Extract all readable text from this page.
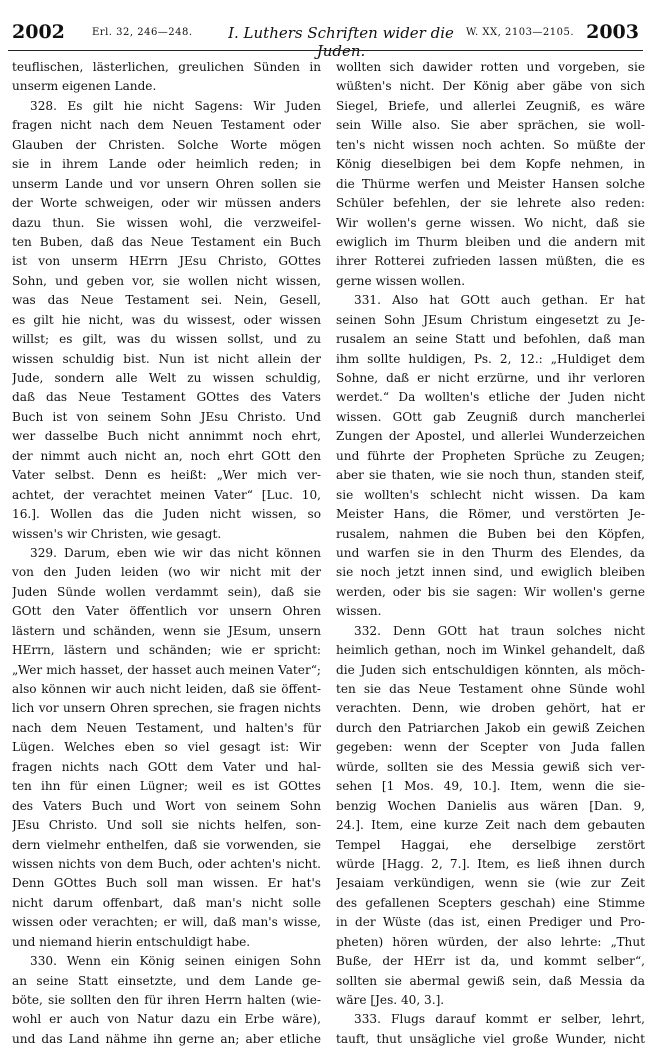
2002	Erl. 32, 246—248. I. Luthers Schriften wider die Juden.
W. XX, 2103—2105. 2003
teuflischen, lästerlichen, greulichen Sünden in
unserm eigenen Lande.
328. Es gilt hie nicht Sagens: Wir Juden
fragen nicht nach dem Neuen Testament oder
Glauben der Christen. Solche Worte mögen
sie in ihrem Lande oder heimlich reden; in
unserm Lande und vor unsern Ohren sollen sie
der Worte schweigen, oder wir müssen anders
dazu thun. Sie wissen wohl, die verzweifel-
ten Buben, daß das Neue Testament ein Buch
ist von unserm HErrn JEsu Christo, GOttes
Sohn, und geben vor, sie wollen nicht wissen,
was das Neue Testament sei. Nein, Gesell,
es gilt hie nicht, was du wissest, oder wissen
willst; es gilt, was du wissen sollst, und zu
wissen schuldig bist. Nun ist nicht allein der
Jude, sondern alle Welt zu wissen schuldig,
daß das Neue Testament GOttes des Vaters
Buch ist von seinem Sohn JEsu Christo. Und
wer dasselbe Buch nicht annimmt noch ehrt,
der nimmt auch nicht an, noch ehrt GOtt den
Vater selbst. Denn es heißt: „Wer mich ver-
achtet, der verachtet meinen Vater“ [Luc. 10,
16.]. Wollen das die Juden nicht wissen, so
wissen's wir Christen, wie gesagt.
329. Darum, eben wie wir das nicht können
von den Juden leiden (wo wir nicht mit der
Juden Sünde wollen verdammt sein), daß sie
GOtt den Vater öffentlich vor unsern Ohren
lästern und schänden, wenn sie JEsum, unsern
HErrn, lästern und schänden; wie er spricht:
„Wer mich hasset, der hasset auch meinen Vater“;
also können wir auch nicht leiden, daß sie öffent-
lich vor unsern Ohren sprechen, sie fragen nichts
nach dem Neuen Testament, und halten's für
Lügen. Welches eben so viel gesagt ist: Wir
fragen nichts nach GOtt dem Vater und hal-
ten ihn für einen Lügner; weil es ist GOttes
des Vaters Buch und Wort von seinem Sohn
JEsu Christo. Und soll sie nichts helfen, son-
dern vielmehr enthelfen, daß sie vorwenden, sie
wissen nichts von dem Buch, oder achten's nicht.
Denn GOttes Buch soll man wissen. Er hat's
nicht darum offenbart, daß man's nicht solle
wissen oder verachten; er will, daß man's wisse,
und niemand hierin entschuldigt habe.
330. Wenn ein König seinen einigen Sohn
an seine Statt einsetzte, und dem Lande ge-
böte, sie sollten den für ihren Herrn halten (wie-
wohl er auch von Natur dazu ein Erbe wäre),
und das Land nähme ihn gerne an; aber etliche
wollten sich dawider rotten und vorgeben, sie
wüßten's nicht. Der König aber gäbe von sich
Siegel, Briefe, und allerlei Zeugniß, es wäre
sein Wille also. Sie aber sprächen, sie woll-
ten's nicht wissen noch achten. So müßte der
König dieselbigen bei dem Kopfe nehmen, in
die Thürme werfen und Meister Hansen solche
Schüler befehlen, der sie lehrete also reden:
Wir wollen's gerne wissen. Wo nicht, daß sie
ewiglich im Thurm bleiben und die andern mit
ihrer Rotterei zufrieden lassen müßten, die es
gerne wissen wollen.
331. Also hat GOtt auch gethan. Er hat
seinen Sohn JEsum Christum eingesetzt zu Je-
rusalem an seine Statt und befohlen, daß man
ihm sollte huldigen, Ps. 2, 12.: „Huldiget dem
Sohne, daß er nicht erzürne, und ihr verloren
werdet.“ Da wollten's etliche der Juden nicht
wissen. GOtt gab Zeugniß durch mancherlei
Zungen der Apostel, und allerlei Wunderzeichen
und führte der Propheten Sprüche zu Zeugen;
aber sie thaten, wie sie noch thun, standen steif,
sie wollten's schlecht nicht wissen. Da kam
Meister Hans, die Römer, und verstörten Je-
rusalem, nahmen die Buben bei den Köpfen,
und warfen sie in den Thurm des Elendes, da
sie noch jetzt innen sind, und ewiglich bleiben
werden, oder bis sie sagen: Wir wollen's gerne
wissen.
332. Denn GOtt hat traun solches nicht
heimlich gethan, noch im Winkel gehandelt, daß
die Juden sich entschuldigen könnten, als möch-
ten sie das Neue Testament ohne Sünde wohl
verachten. Denn, wie droben gehört, hat er
durch den Patriarchen Jakob ein gewiß Zeichen
gegeben: wenn der Scepter von Juda fallen
würde, sollten sie des Messia gewiß sich ver-
sehen [1 Mos. 49, 10.]. Item, wenn die sie-
benzig Wochen Danielis aus wären [Dan. 9,
24.]. Item, eine kurze Zeit nach dem gebauten
Tempel Haggai, ehe derselbige zerstört
würde [Hagg. 2, 7.]. Item, es ließ ihnen durch
Jesaiam verkündigen, wenn sie (wie zur Zeit
des gefallenen Scepters geschah) eine Stimme
in der Wüste (das ist, einen Prediger und Pro-
pheten) hören würden, der also lehrte: „Thut
Buße, der HErr ist da, und kommt selber“,
sollten sie abermal gewiß sein, daß Messia da
wäre [Jes. 40, 3.].
333. Flugs darauf kommt er selber, lehrt,
tauft, thut unsägliche viel große Wunder, nicht
